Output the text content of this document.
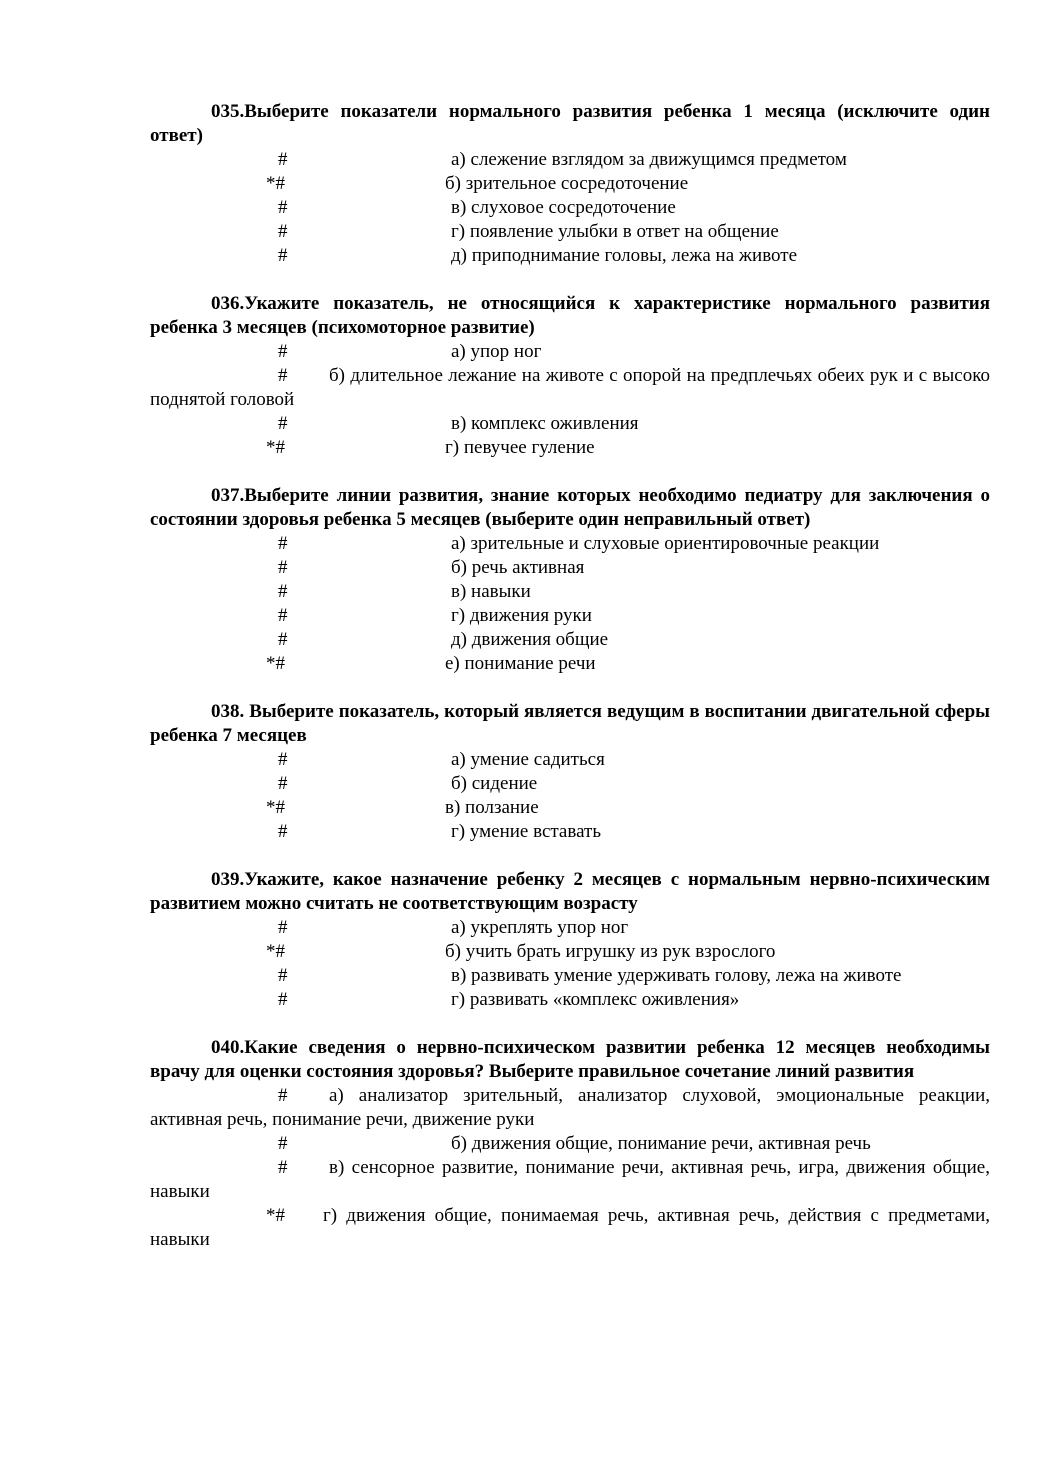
035.Выберите показатели нормального развития ребенка 1 месяца (исключите один ответ)

#	а) слежение взглядом за движущимся предметом

*#	б) зрительное сосредоточение

#	в) слуховое сосредоточение

#	г) появление улыбки в ответ на общение

#	д) приподнимание головы, лежа на животе

036.Укажите показатель, не относящийся к характеристике нормального развития ребенка 3 месяцев (психомоторное развитие)

#	а) упор ног

# б) длительное лежание на животе с опорой на предплечьях обеих рук и с высоко поднятой головой

#	в) комплекс оживления

*#	г) певучее гуление

037.Выберите линии развития, знание которых необходимо педиатру для заключения о состоянии здоровья ребенка 5 месяцев (выберите один неправильный ответ)

#	а) зрительные и слуховые ориентировочные реакции

#	б) речь активная

#	в) навыки

#	г) движения руки

#	д) движения общие

*#	е) понимание речи

038. Выберите показатель, который является ведущим в воспитании двигательной сферы ребенка 7 месяцев

#	а) умение садиться

#	б) сидение

*#	в) ползание

#	г) умение вставать

039.Укажите, какое назначение ребенку 2 месяцев с нормальным нервно-психическим развитием можно считать не соответствующим возрасту

#	а) укреплять упор ног

*#	б) учить брать игрушку из рук взрослого

#	в) развивать умение удерживать голову, лежа на животе

#	г) развивать «комплекс оживления»

040.Какие сведения о нервно-психическом развитии ребенка 12 месяцев необходимы врачу для оценки состояния здоровья? Выберите правильное сочетание линий развития

# а) анализатор зрительный, анализатор слуховой, эмоциональные реакции, активная речь, понимание речи, движение руки

#	б) движения общие, понимание речи, активная речь

# в) сенсорное развитие, понимание речи, активная речь, игра, движения общие, навыки

*# г) движения общие, понимаемая речь, активная речь, действия с предметами, навыки
